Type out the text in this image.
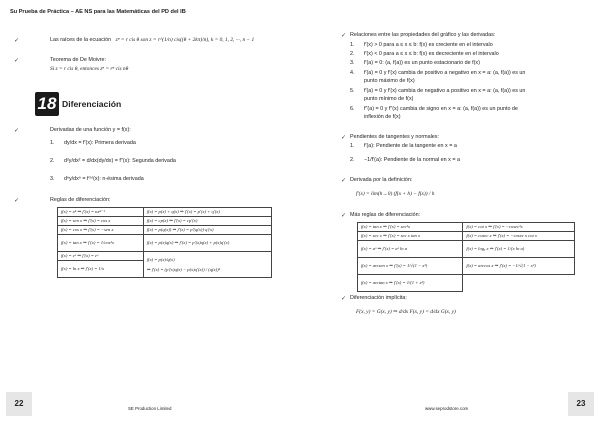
Su Prueba de Práctica – AE NS para las Matemáticas del PD del IB
✓	Las raíces de la ecuación zⁿ = r cis θ son z = r^(1/n) cis((θ + 2kπ)/n), k = 0, 1, 2, ···, n − 1
✓	Teorema de De Moivre:
Si z = r cis θ, entonces zⁿ = rⁿ cis nθ
18 Diferenciación
✓	Derivadas de una función y = f(x):
1. dy/dx = f′(x): Primera derivada
2. d²y/dx² = d/dx(dy/dx) = f″(x): Segunda derivada
3. dⁿy/dxⁿ = f⁽ⁿ⁾(x): n-ésima derivada
✓	Reglas de diferenciación:
f(x) = xⁿ ⇒ f′(x) = nxⁿ⁻¹	f(x) = p(x) + q(x) ⇒ f′(x) = p′(x) + q′(x)
f(x) = sen x ⇒ f′(x) = cos x	f(x) = cp(x) ⇒ f′(x) = cp′(x)
f(x) = cos x ⇒ f′(x) = −sen x	f(x) = p(q(x)) ⇒ f′(x) = p′(q(x))·q′(x)
f(x) = tan x ⇒ f′(x) = 1/cos²x	f(x) = p(x)q(x) ⇒ f′(x) = p′(x)q(x) + p(x)q′(x)
f(x) = eˣ ⇒ f′(x) = eˣ	f(x) = p(x)/q(x)
⇒ f′(x) = (p′(x)q(x) − p(x)q′(x)) / (q(x))²

f(x) = ln x ⇒ f′(x) = 1/x	
22
SE Production Limited
✓ Relaciones entre las propiedades del gráfico y las derivadas:
1. f′(x) > 0 para a ≤ x ≤ b: f(x) es creciente en el intervalo
2. f′(x) < 0 para a ≤ x ≤ b: f(x) es decreciente en el intervalo
3. f′(a) = 0: (a, f(a)) es un punto estacionario de f(x)
4. f′(a) = 0 y f′(x) cambia de positivo a negativo en x = a: (a, f(a)) es un
punto máximo de f(x)
5. f′(a) = 0 y f′(x) cambia de negativo a positivo en x = a: (a, f(a)) es un
punto mínimo de f(x)
6. f″(a) = 0 y f″(x) cambia de signo en x = a: (a, f(a)) es un punto de
inflexión de f(x)
✓ Pendientes de tangentes y normales:
1. f′(a): Pendiente de la tangente en x = a
2. −1/f′(a): Pendiente de la normal en x = a
✓ Derivada por la definición:
f′(x) = lim(h→0) (f(x + h) − f(x)) / h
✓ Más reglas de diferenciación:
f(x) = tan x ⇒ f′(x) = sec²x	f(x) = cot x ⇒ f′(x) = −cosec²x
f(x) = sec x ⇒ f′(x) = sec x tan x	f(x) = cosec x ⇒ f′(x) = −cosec x cot x
f(x) = aˣ ⇒ f′(x) = aˣ ln a	f(x) = logₐ x ⇒ f′(x) = 1/(x ln a)
f(x) = arcsen x ⇒ f′(x) = 1/√(1 − x²)	f(x) = arccos x ⇒ f′(x) = −1/√(1 − x²)
f(x) = arctan x ⇒ f′(x) = 1/(1 + x²)	
✓ Diferenciación implícita:
F(x, y) = G(x, y) ⇒ d/dx F(x, y) = d/dx G(x, y)
23
www.seprodstore.com
